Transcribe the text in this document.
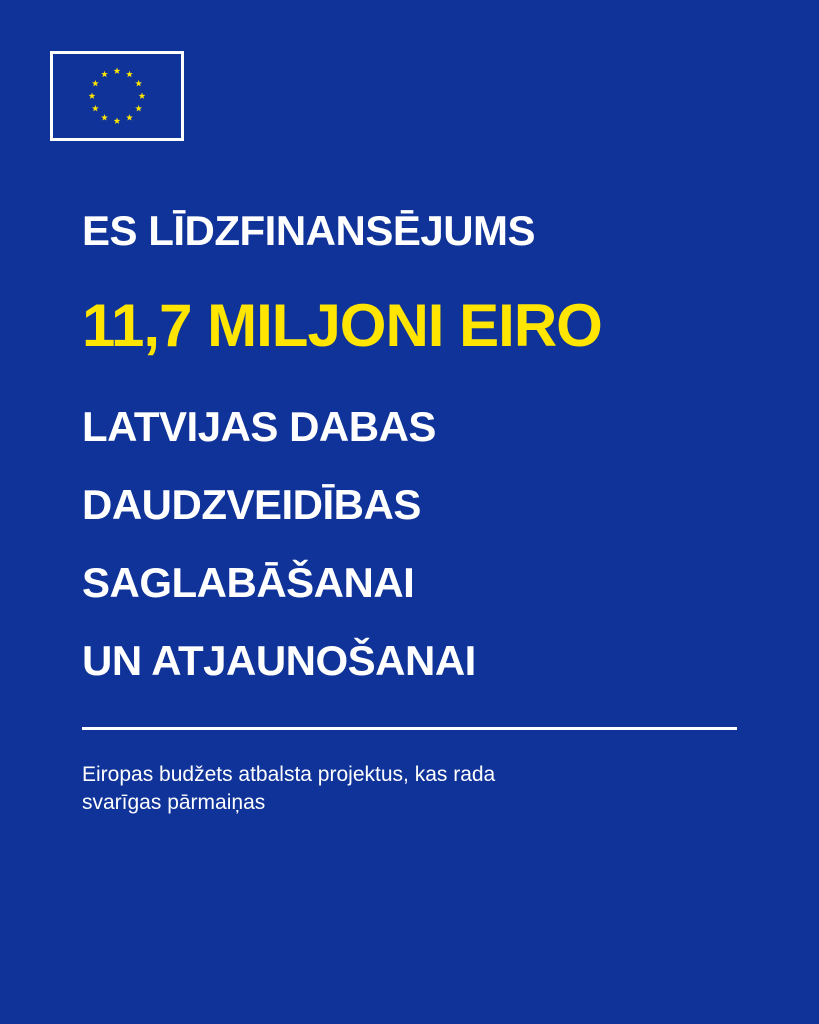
ES LĪDZFINANSĒJUMS
11,7 MILJONI EIRO

LATVIJAS DABAS

DAUDZVEIDĪBAS

SAGLABĀŠANAI

UN ATJAUNOŠANAI

Eiropas budžets atbalsta projektus, kas rada
svarīgas pārmaiņas
